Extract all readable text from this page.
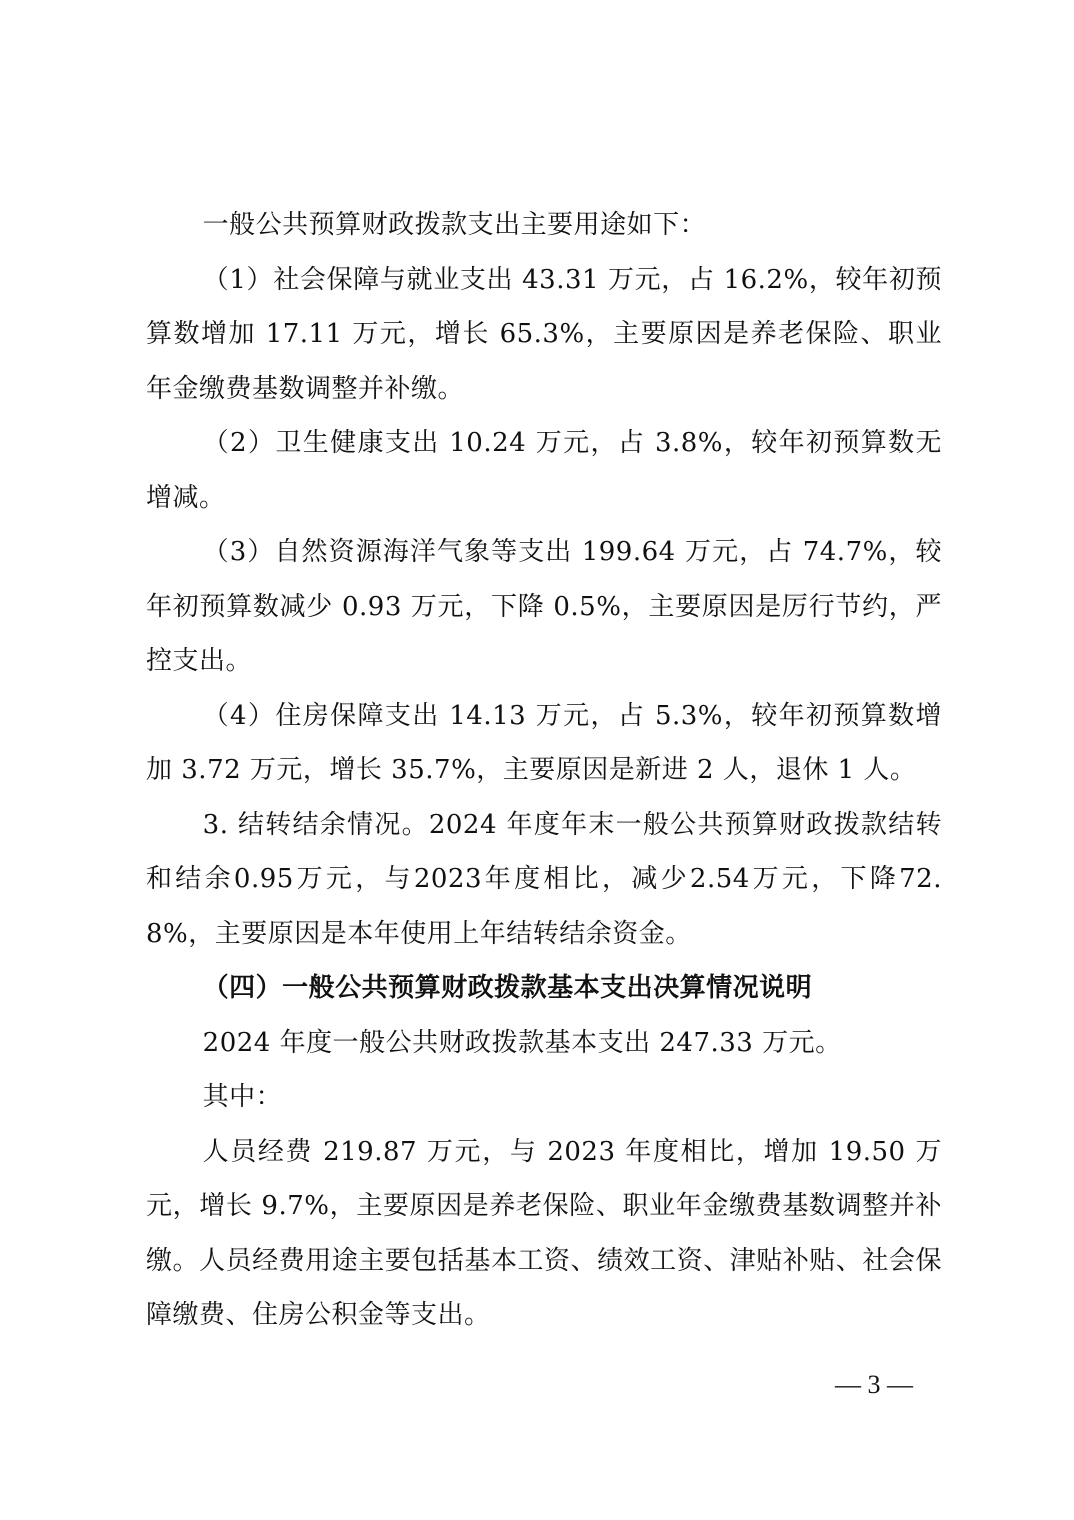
一般公共预算财政拨款支出主要用途如下：

（1）社会保障与就业支出 43.31 万元，占 16.2%，较年初预算数增加 17.11 万元，增长 65.3%，主要原因是养老保险、职业年金缴费基数调整并补缴。

（2）卫生健康支出 10.24 万元，占 3.8%，较年初预算数无增减。

（3）自然资源海洋气象等支出 199.64 万元，占 74.7%，较年初预算数减少 0.93 万元，下降 0.5%，主要原因是厉行节约，严控支出。

（4）住房保障支出 14.13 万元，占 5.3%，较年初预算数增加 3.72 万元，增长 35.7%，主要原因是新进 2 人，退休 1 人。

3. 结转结余情况。2024 年度年末一般公共预算财政拨款结转和结余0.95万元，与2023年度相比，减少2.54万元，下降72.8%，主要原因是本年使用上年结转结余资金。

（四）一般公共预算财政拨款基本支出决算情况说明

2024 年度一般公共财政拨款基本支出 247.33 万元。

其中：

人员经费 219.87 万元，与 2023 年度相比，增加 19.50 万元，增长 9.7%，主要原因是养老保险、职业年金缴费基数调整并补缴。人员经费用途主要包括基本工资、绩效工资、津贴补贴、社会保障缴费、住房公积金等支出。

— 3 —
